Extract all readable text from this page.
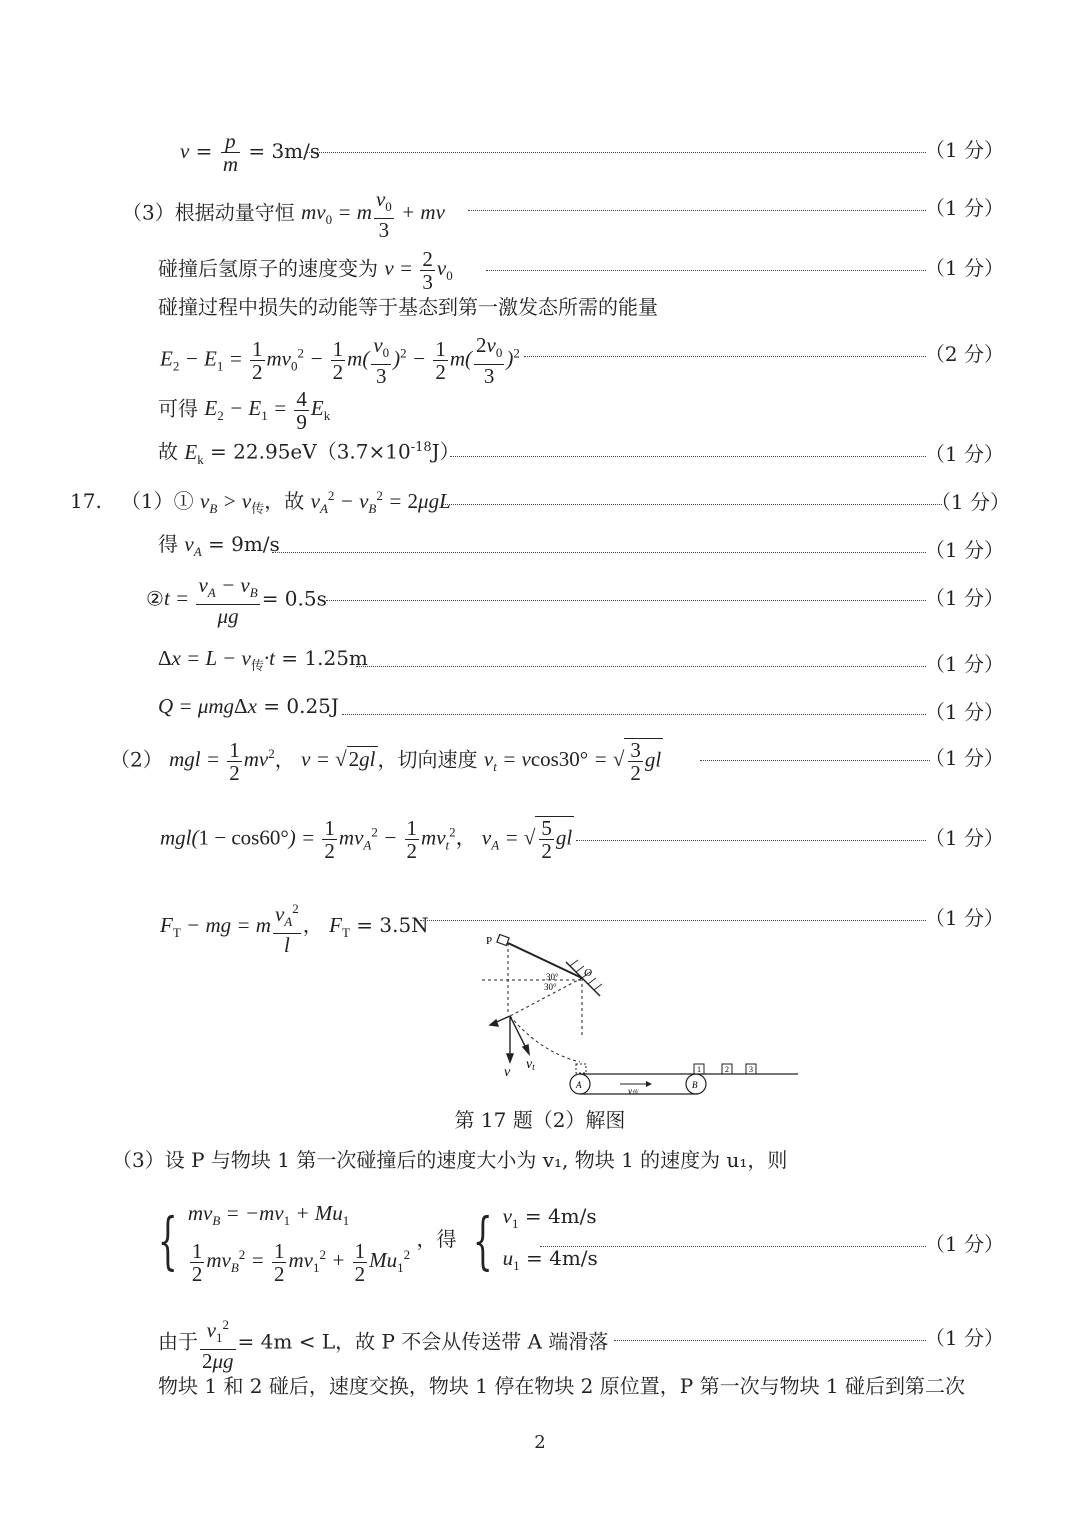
$v = \frac{p}{m} = 3m/s$	（1 分）
（3）根据动量守恒 $mv_0 = m \frac{v_0}{3}$ + mv	（1 分）
碰撞后氢原子的速度变为 $v = \frac{2}{3} v_0$	（1 分）
碰撞过程中损失的动能等于基态到第一激发态所需的能量
$E_2 - E_1 = \frac{1}{2} mv_0^2 - \frac{1}{2} m( \frac{v_0}{3} )^2 - \frac{1}{2} m( \frac{2v_0}{3} )^2$	（2 分）
可得 $E_2 - E_1 = \frac{4}{9} E_k$
故 $E_k = 22.95eV(3.7\times 10^{-18}J)$	（1 分）
17. （1）① $v_B > v_传$，故 $v_A^2 - v_B^2 = 2\mu gL$	（1 分）
得 $v_A = 9m/s$	（1 分）
②t = $\frac{v_A - v_B}{\mu g} = 0.5s$	（1 分）
$\Delta x = L - v_传\cdot t = 1.25m$	（1 分）
Q = μmgΔx = 0.25J	（1 分）
（2） mgl = $\frac{1}{2} mv^2$， v = √2gl ，切向速度 $v_t = vcos30^\circ$ = √ $\frac{3}{2}$ gl	（1 分）
$mgl(1 - \cos 60^\circ) = \frac{1}{2} mv_A^2 - \frac{1}{2} mv_t^2$， $v_A$ = √ $\frac{5}{2}$ gl	（1 分）
$F_T$ − mg = m $\frac{v_A^2}{l}$ ， $F_T = 3.5N$	（1 分）
P
O
30°
30°
v
vt
A	B
v传
1	2	3
第 17 题（2）解图
（3）设 P 与物块 1 第一次碰撞后的速度大小为 v₁, 物块 1 的速度为 u₁，则
{ $mv_B = -mv_1 + Mu_1$
$\frac{1}{2} mv_B^2 = \frac{1}{2} mv_1^2 + \frac{1}{2} Mu_1^2$
，得 { $v_1 = 4m/s$
$u_1 = 4m/s$
（1 分）
由于 $\frac{v_1^2}{2\mu g} = 4m < L$，故 P 不会从传送带 A 端滑落	（1 分）
物块 1 和 2 碰后，速度交换，物块 1 停在物块 2 原位置，P 第一次与物块 1 碰后到第二次
2
